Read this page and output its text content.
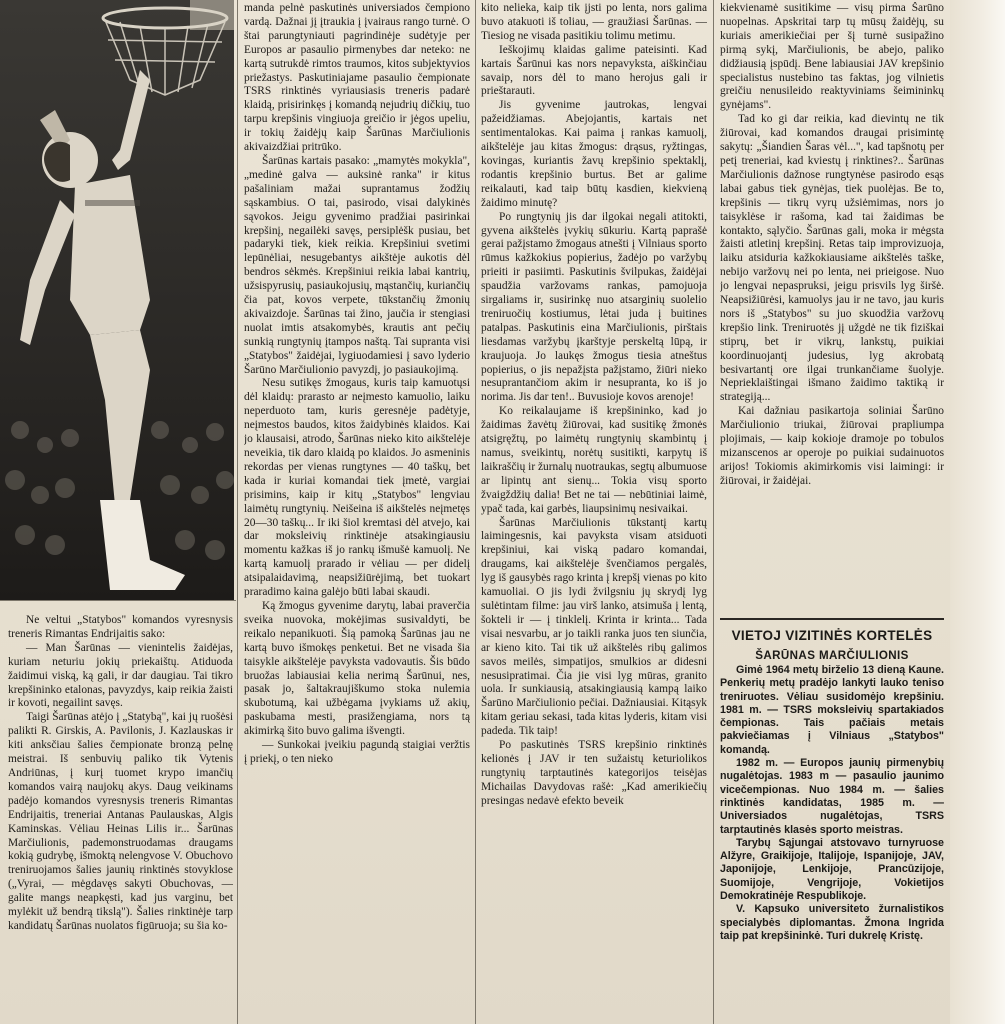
Ne veltui „Statybos" komandos vyresnysis treneris Rimantas Endrijaitis sako:

— Man Šarūnas — vienintelis žaidėjas, kuriam neturiu jokių priekaištų. Atiduoda žaidimui viską, ką gali, ir dar daugiau. Tai tikro krepšininko etalonas, pavyzdys, kaip reikia žaisti ir kovoti, negailint savęs.

Taigi Šarūnas atėjo į „Statybą", kai jų ruošėsi palikti R. Girskis, A. Pavilonis, J. Kazlauskas ir kiti anksčiau šalies čempionate bronzą pelnę meistrai. Iš senbuvių paliko tik Vytenis Andriūnas, į kurį tuomet krypo imančių komandos vairą naujokų akys. Daug veikinams padėjo komandos vyresnysis treneris Rimantas Endrijaitis, treneriai Antanas Paulauskas, Algis Kaminskas. Vėliau Heinas Lilis ir... Šarūnas Marčiulionis, pademonstruodamas draugams kokią gudrybę, išmoktą nelengvose V. Obuchovo treniruojamos šalies jaunių rinktinės stovyklose („Vyrai, — mėgdavęs sakyti Obuchovas, — galite mangs neapkęsti, kad jus varginu, bet mylėkit už bendrą tikslą"). Šalies rinktinėje tarp kandidatų Šarūnas nuolatos figūruoja; su šia ko-

manda pelnė paskutinės universiados čempiono vardą. Dažnai jį įtraukia į įvairaus rango turnė. O štai parungtyniauti pagrindinėje sudėtyje per Europos ar pasaulio pirmenybes dar neteko: ne kartą sutrukdė rimtos traumos, kitos subjektyvios priežastys. Paskutiniajame pasaulio čempionate TSRS rinktinės vyriausiasis treneris padarė klaidą, prisirinkęs į komandą nejudrių dičkių, tuo tarpu krepšinis vingiuoja greičio ir jėgos upeliu, ir tokių žaidėjų kaip Šarūnas Marčiulionis akivaizdžiai pritrūko.

Šarūnas kartais pasako: „mamytės mokykla", „medinė galva — auksinė ranka" ir kitus pašaliniam mažai suprantamus žodžių sąskambius. O tai, pasirodo, visai dalykinės sąvokos. Jeigu gyvenimo pradžiai pasirinkai krepšinį, negailėki savęs, persiplėšk pusiau, bet padaryki tiek, kiek reikia. Krepšiniui svetimi lepūnėliai, nesugebantys aikštėje aukotis dėl bendros sėkmės. Krepšiniui reikia labai kantrių, užsispyrusių, pasiaukojusių, mąstančių, kuriančių čia pat, kovos verpete, tūkstančių žmonių akivaizdoje. Šarūnas tai žino, jaučia ir stengiasi nuolat imtis atsakomybės, krautis ant pečių sunkią rungtynių įtampos naštą. Tai supranta visi „Statybos" žaidėjai, lygiuodamiesi į savo lyderio Šarūno Marčiulionio pavyzdį, jo pasiaukojimą.

Nesu sutikęs žmogaus, kuris taip kamuotųsi dėl klaidų: prarasto ar neįmesto kamuolio, laiku neperduoto tam, kuris geresnėje padėtyje, neįmestos baudos, kitos žaidybinės klaidos. Kai jo klausaisi, atrodo, Šarūnas nieko kito aikštelėje neveikia, tik daro klaidą po klaidos. Jo asmeninis rekordas per vienas rungtynes — 40 taškų, bet kada ir kuriai komandai tiek įmetė, vargiai prisimins, kaip ir kitų „Statybos" lengviau laimėtų rungtynių. Neišeina iš aikštelės neįmetęs 20—30 taškų... Ir iki šiol kremtasi dėl atvejo, kai dar moksleivių rinktinėje atsakingiausiu momentu kažkas iš jo rankų išmušė kamuolį. Ne kartą kamuolį prarado ir vėliau — per didelį atsipalaidavimą, neapsižiūrėjimą, bet tuokart praradimo kaina galėjo būti labai skaudi.

Ką žmogus gyvenime darytų, labai praverčia sveika nuovoka, mokėjimas susivaldyti, be reikalo nepanikuoti. Šią pamoką Šarūnas jau ne kartą buvo išmokęs penketui. Bet ne visada šia taisykle aikštelėje pavyksta vadovautis. Šis būdo bruožas labiausiai kelia nerimą Šarūnui, nes, pasak jo, šaltakraujiškumo stoka nulemia skubotumą, kai užbėgama įvykiams už akių, paskubama mesti, prasižengiama, nors tą akimirką šito buvo galima išvengti.

— Sunkokai įveikiu pagundą staigiai veržtis į priekį, o ten nieko

kito nelieka, kaip tik įjsti po lenta, nors galima buvo atakuoti iš toliau, — graužiasi Šarūnas. — Tiesiog ne visada pasitikiu tolimu metimu.

Ieškojimų klaidas galime pateisinti. Kad kartais Šarūnui kas nors nepavyksta, aiškinčiau savaip, nors dėl to mano herojus gali ir prieštarauti.

Jis gyvenime jautrokas, lengvai pažeidžiamas. Abejojantis, kartais net sentimentalokas. Kai paima į rankas kamuolį, aikštelėje jau kitas žmogus: drąsus, ryžtingas, kovingas, kuriantis žavų krepšinio spektaklį, rodantis krepšinio burtus. Bet ar galime reikalauti, kad taip būtų kasdien, kiekvieną žaidimo minutę?

Po rungtynių jis dar ilgokai negali atitokti, gyvena aikštelės įvykių sūkuriu. Kartą paprašė gerai pažįstamo žmogaus atnešti į Vilniaus sporto rūmus kažkokius popierius, žadėjo po varžybų prieiti ir pasiimti. Paskutinis švilpukas, žaidėjai spaudžia varžovams rankas, pamojuoja sirgaliams ir, susirinkę nuo atsarginių suolelio treniruočių kostiumus, lėtai juda į buitines patalpas. Paskutinis eina Marčiulionis, pirštais liesdamas varžybų įkarštyje perskeltą lūpą, ir kraujuoja. Jo laukęs žmogus tiesia atneštus popierius, o jis nepažįsta pažįstamo, žiūri nieko nesuprantančiom akim ir nesupranta, ko iš jo norima. Jis dar ten!.. Buvusioje kovos arenoje!

Ko reikalaujame iš krepšininko, kad jo žaidimas žavėtų žiūrovai, kad susitikę žmonės atsigręžtų, po laimėtų rungtynių skambintų į namus, sveikintų, norėtų susitikti, karpytų iš laikraščių ir žurnalų nuotraukas, segtų albumuose ar lipintų ant sienų... Tokia visų sporto žvaigždžių dalia! Bet ne tai — nebūtiniai laimė, ypač tada, kai garbės, liaupsinimų nesivaikai.

Šarūnas Marčiulionis tūkstantį kartų laimingesnis, kai pavyksta visam atsiduoti krepšiniui, kai viską padaro komandai, draugams, kai aikštelėje švenčiamos pergalės, lyg iš gausybės rago krinta į krepšį vienas po kito kamuoliai. O jis lydi žvilgsniu jų skrydį lyg sulėtintam filme: jau virš lanko, atsimuša į lentą, šokteli ir — į tinklelį. Krinta ir krinta... Tada visai nesvarbu, ar jo taikli ranka juos ten siunčia, ar kieno kito. Tai tik už aikštelės ribų galimos savos meilės, simpatijos, smulkios ar didesni nesusipratimai. Čia jie visi lyg mūras, granito uola. Ir sunkiausią, atsakingiausią kampą laiko Šarūno Marčiulionio pečiai. Dažniausiai. Kitąsyk kitam geriau sekasi, tada kitas lyderis, kitam visi padeda. Tik taip!

Po paskutinės TSRS krepšinio rinktinės kelionės į JAV ir ten sužaistų keturiolikos rungtynių tarptautinės kategorijos teisėjas Michailas Davydovas rašė: „Kad amerikiečių presingas nedavė efekto beveik

kiekvienamė susitikime — visų pirma Šarūno nuopelnas. Apskritai tarp tų mūsų žaidėjų, su kuriais amerikiečiai per šį turnė susipažino pirmą sykį, Marčiulionis, be abejo, paliko didžiausią įspūdį. Bene labiausiai JAV krepšinio specialistus nustebino tas faktas, jog vilnietis greičiu nenusileido reaktyviniams šeimininkų gynėjams".

Tad ko gi dar reikia, kad dievintų ne tik žiūrovai, kad komandos draugai prisimintę sakytų: „Šiandien Šaras vėl...", kad tapšnotų per petį treneriai, kad kviestų į rinktines?.. Šarūnas Marčiulionis dažnose rungtynėse pasirodo esąs labai gabus tiek gynėjas, tiek puolėjas. Be to, krepšinis — tikrų vyrų užsiėmimas, nors jo taisyklėse ir rašoma, kad tai žaidimas be kontakto, sąlyčio. Šarūnas gali, moka ir mėgsta žaisti atletinį krepšinį. Retas taip improvizuoja, laiku atsiduria kažkokiausiame aikštelės taške, nebijo varžovų nei po lenta, nei prieigose. Nuo jo lengvai nepaspruksi, jeigu prisvils lyg širšė. Neapsižiūrėsi, kamuolys jau ir ne tavo, jau kuris nors iš „Statybos" su juo skuodžia varžovų krepšio link. Treniruotės jį užgdė ne tik fiziškai stiprų, bet ir vikrų, lankstų, puikiai koordinuojantį judesius, lyg akrobatą besivartantį ore ilgai trunkančiame šuolyje. Neprieklaištingai išmano žaidimo taktiką ir strategiją...

Kai dažniau pasikartoja soliniai Šarūno Marčiulionio triukai, žiūrovai prapliumpa plojimais, — kaip kokioje dramoje po tobulos mizanscenos ar operoje po puikiai sudainuotos arijos! Tokiomis akimirkomis visi laimingi: ir žiūrovai, ir žaidėjai.

VIETOJ VIZITINĖS KORTELĖS
ŠARŪNAS MARČIULIONIS

Gimė 1964 metų birželio 13 dieną Kaune. Penkerių metų pradėjo lankyti lauko teniso treniruotes. Vėliau susidomėjo krepšiniu. 1981 m. — TSRS moksleivių spartakiados čempionas. Tais pačiais metais pakviečiamas į Vilniaus „Statybos" komandą.

1982 m. — Europos jaunių pirmenybių nugalėtojas. 1983 m — pasaulio jaunimo vicečempionas. Nuo 1984 m. — šalies rinktinės kandidatas, 1985 m. — Universiados nugalėtojas, TSRS tarptautinės klasės sporto meistras.

Tarybų Sąjungai atstovavo turnyruose Alžyre, Graikijoje, Italijoje, Ispanijoje, JAV, Japonijoje, Lenkijoje, Prancūzijoje, Suomijoje, Vengrijoje, Vokietijos Demokratinėje Respublikoje.

V. Kapsuko universiteto žurnalistikos specialybės diplomantas. Žmona Ingrida taip pat krepšininkė. Turi dukrelę Kristę.
